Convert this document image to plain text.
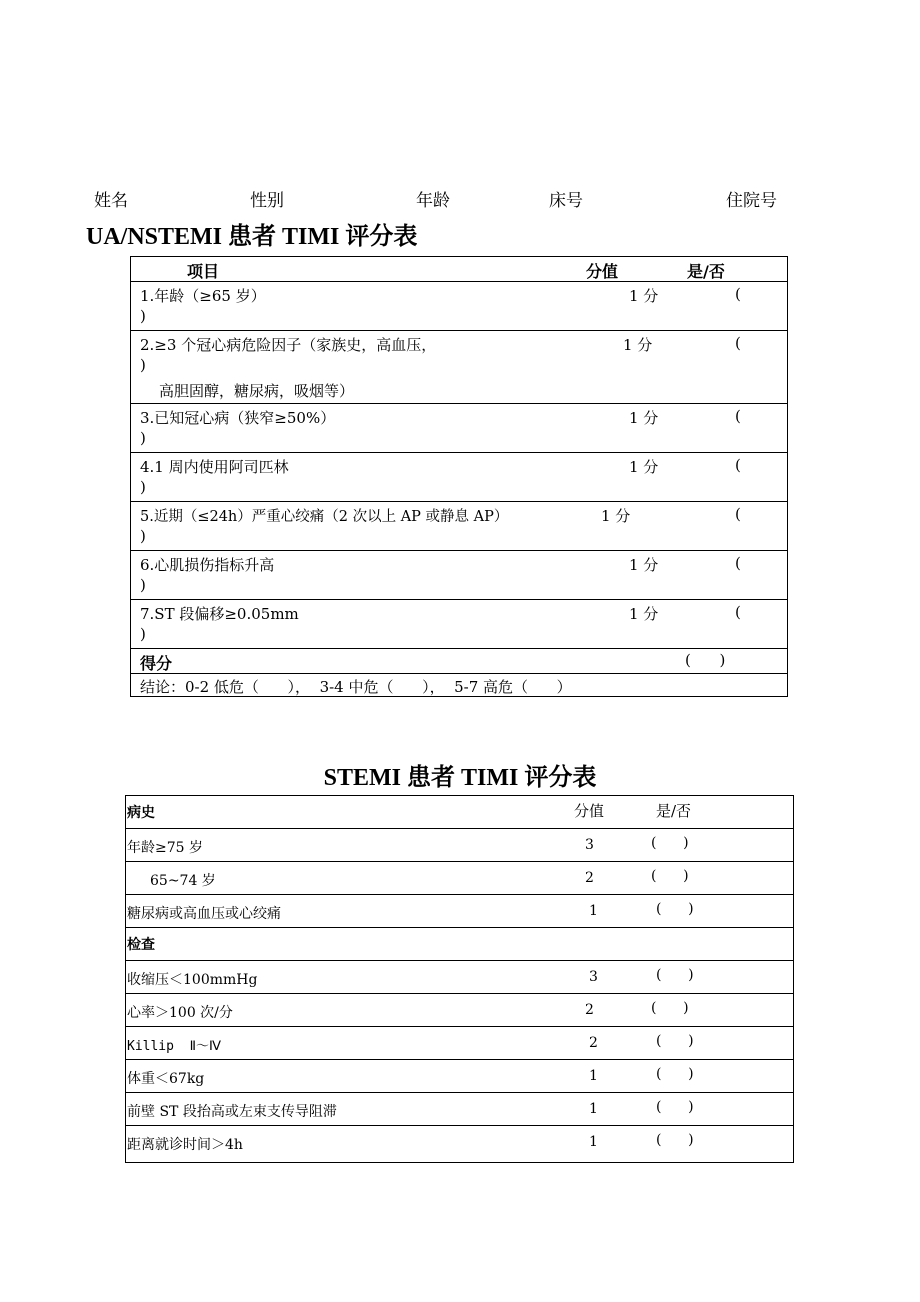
姓名	性别	年龄	床号	住院号
UA/NSTEMI 患者 TIMI 评分表
项目	分值	是/否
1.年龄（≥65 岁）	1 分	(
)
2.≥3 个冠心病危险因子（家族史，高血压，	1 分	(
)
高胆固醇，糖尿病，吸烟等）
3.已知冠心病（狭窄≥50%）	1 分	(
)
4.1 周内使用阿司匹林	1 分	(
)
5.近期（≤24h）严重心绞痛（2 次以上 AP 或静息 AP）	1 分	(
)
6.心肌损伤指标升高	1 分	(
)
7.ST 段偏移≥0.05mm	1 分	(
)
得分	(      )
结论：0-2 低危（      ），  3-4 中危（      ），  5-7 高危（      ）
STEMI 患者 TIMI 评分表
病史	分值	是/否
年龄≥75 岁	3	(      )
65~74 岁	2	(      )
糖尿病或高血压或心绞痛	1	(      )
检查
收缩压＜100mmHg	3	(      )
心率＞100 次/分	2	(      )
Killip  Ⅱ～Ⅳ	2	(      )
体重＜67kg	1	(      )
前壁 ST 段抬高或左束支传导阻滞	1	(      )
距离就诊时间＞4h	1	(      )
